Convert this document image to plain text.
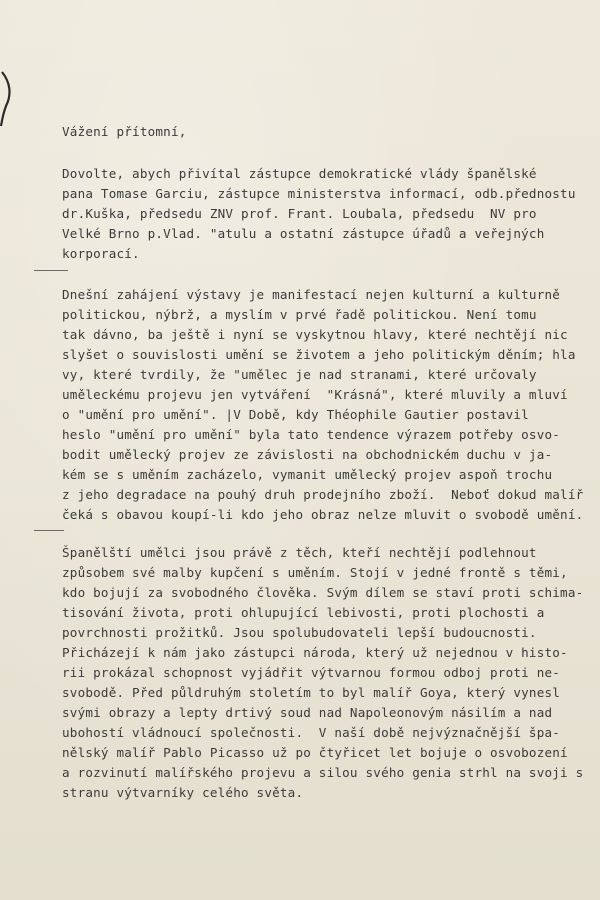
Vážení přítomní,
Dovolte, abych přivítal zástupce demokratické vlády španělské
pana Tomase Garciu, zástupce ministerstva informací, odb.přednostu
dr.Kuška, předsedu ZNV prof. Frant. Loubala, předsedu  NV pro
Velké Brno p.Vlad. "atulu a ostatní zástupce úřadů a veřejných
korporací.
Dnešní zahájení výstavy je manifestací nejen kulturní a kulturně
politickou, nýbrž, a myslím v prvé řadě politickou. Není tomu
tak dávno, ba ještě i nyní se vyskytnou hlavy, které nechtějí nic
slyšet o souvislosti umění se životem a jeho politickým děním; hla
vy, které tvrdily, že "umělec je nad stranami, které určovaly
uměleckému projevu jen vytváření  "Krásná", které mluvily a mluví
o "umění pro umění". |V Době, kdy Théophile Gautier postavil
heslo "umění pro umění" byla tato tendence výrazem potřeby osvo-
bodit umělecký projev ze závislosti na obchodnickém duchu v ja-
kém se s uměním zacházelo, vymanit umělecký projev aspoň trochu
z jeho degradace na pouhý druh prodejního zboží.  Neboť dokud malíř
čeká s obavou koupí-li kdo jeho obraz nelze mluvit o svobodě umění.
Španělští umělci jsou právě z těch, kteří nechtějí podlehnout
způsobem své malby kupčení s uměním. Stojí v jedné frontě s těmi,
kdo bojují za svobodného člověka. Svým dílem se staví proti schima-
tisování života, proti ohlupující lebivosti, proti plochosti a
povrchnosti prožitků. Jsou spolubudovateli lepší budoucnosti.
Přicházejí k nám jako zástupci národa, který už nejednou v histo-
rii prokázal schopnost vyjádřit výtvarnou formou odboj proti ne-
svobodě. Před půldruhým stoletím to byl malíř Goya, který vynesl
svými obrazy a lepty drtivý soud nad Napoleonovým násilím a nad
ubohostí vládnoucí společnosti.  V naší době nejvýznačnější špa-
nělský malíř Pablo Picasso už po čtyřicet let bojuje o osvobození
a rozvinutí malířského projevu a silou svého genia strhl na svoji s
stranu výtvarníky celého světa.
